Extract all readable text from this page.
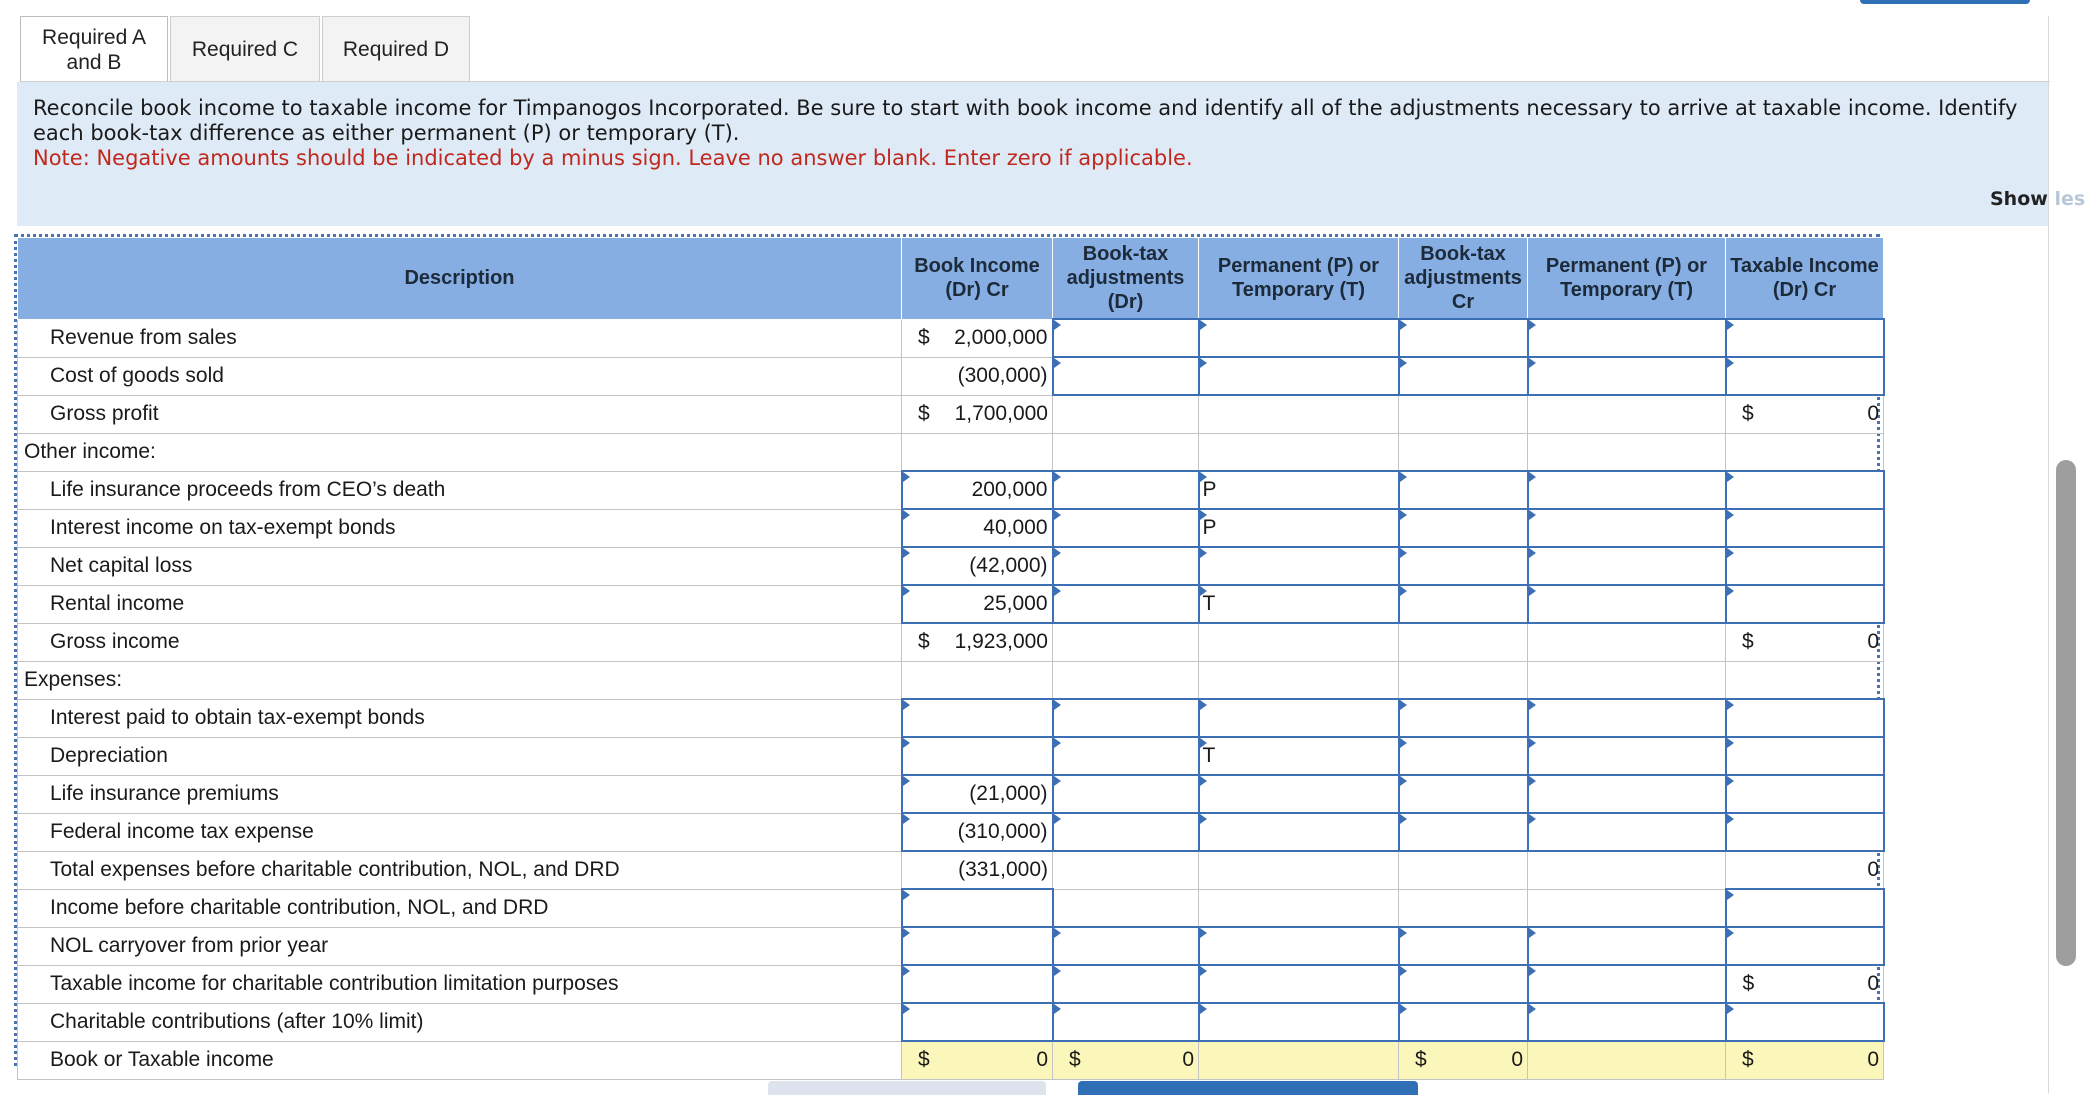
Required A
and B
Required C Required D
Reconcile book income to taxable income for Timpanogos Incorporated. Be sure to start with book income and identify all of the adjustments necessary to arrive at taxable income. Identify each book-tax difference as either permanent (P) or temporary (T).
Note: Negative amounts should be indicated by a minus sign. Leave no answer blank. Enter zero if applicable.
Show les
Description	Book Income (Dr) Cr	Book-tax adjustments (Dr)	Permanent (P) or Temporary (T)	Book-tax adjustments Cr	Permanent (P) or Temporary (T)	Taxable Income (Dr) Cr
Revenue from sales	$ 2,000,000					
Cost of goods sold	(300,000)					
Gross profit	$ 1,700,000					$ 0
Other income:						
Life insurance proceeds from CEO’s death	200,000		P			
Interest income on tax-exempt bonds	40,000		P			
Net capital loss	(42,000)					
Rental income	25,000		T			
Gross income	$ 1,923,000					$ 0
Expenses:						
Interest paid to obtain tax-exempt bonds						
Depreciation			T			
Life insurance premiums	(21,000)					
Federal income tax expense	(310,000)					
Total expenses before charitable contribution, NOL, and DRD	(331,000)					0
Income before charitable contribution, NOL, and DRD						
NOL carryover from prior year						
Taxable income for charitable contribution limitation purposes						$ 0
Charitable contributions (after 10% limit)						
Book or Taxable income	$ 0	$ 0		$ 0		$ 0
